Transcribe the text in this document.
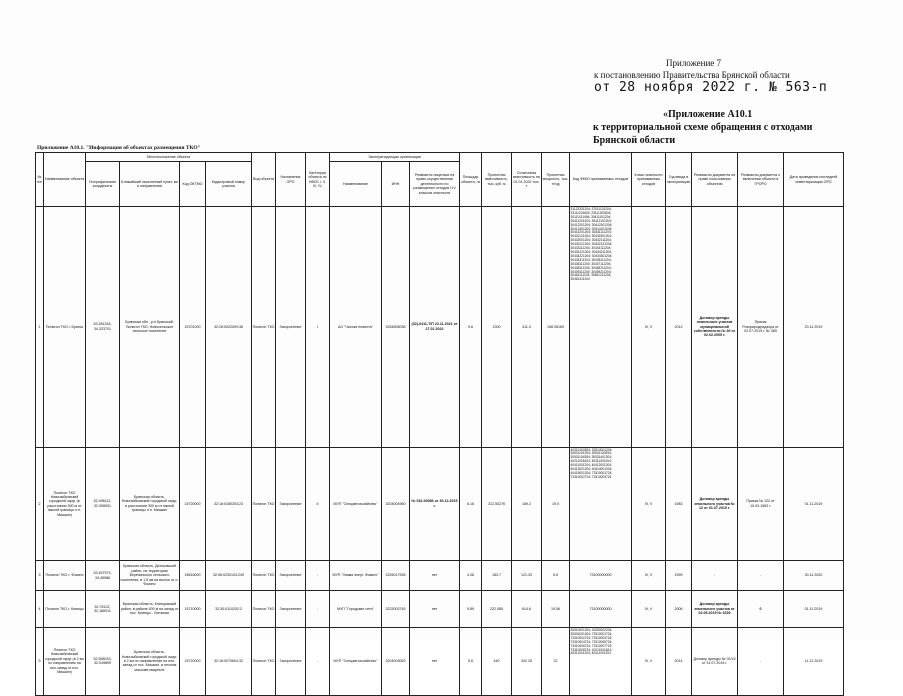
Приложение 7
к постановлению Правительства Брянской области
от 28 ноября 2022 г. № 563-п
«Приложение А10.1
к территориальной схеме обращения с отходами
Брянской области
Приложение А10.1. "Информация об объектах размещения ТКО"
№ п/п	Наименование объекта	Местоположение объекта				Вид объекта	Назначение ОРО	Категория объекта по НВОС I, II, III, IV	Эксплуатирующая организация			Площадь объекта, га	Проектная вместимость, тыс. куб. м	Остаточная вместимость на 01.01.2022 тыс. т	Проектная мощность, тыс. т/год	Код ФККО принимаемых отходов	Класс опасности принимаемых отходов	Год ввода в эксплуатацию	Реквизиты документа на право пользования объектом	Реквизиты документа о включении объекта в ГРОРО	Дата проведения последней инвентаризации ОРО
		Географические координаты	Ближайший населенный пункт, км в направлении	Код ОКТМО	Кадастровый номер участка				Наименование	ИНН	Реквизиты лицензии на право осуществления деятельности по размещению отходов I-IV классов опасности										
1	Полигон ТКО г. Брянск	53.281316, 34.323701	Брянская обл., р-н Брянский, Полигон ТКО, Новосельское сельское поселение	15701000	32:28:0022009:36	Полигон ТКО	Захоронение	I	АО "Чистая планета"	3254505036	(32)-0411-Т/П 22.11.2021 от 27.01.2022	9.6	1300	411.3	158.35169	31122331204; 37011101204; 23111201604; 23111202604; 30111011494; 30411101204; 30411201204; 30412101204; 30412201204; 30412301204; 30412401204; 30414101204; 30414201204; 30431111204; 30431121204; 30431501204; 30432001204; 30432111204; 30432121204; 30432131204; 30433111204; 30434111204; 30434121204; 30434211204; 30434221204; 30434301204; 30434311204; 30435111204; 30436111204; 30437111204; 30438111204; 30438211204; 30439111204; 30439211204; 30461111204; 30461211204; 30461311204	IV, V	2012	Договор аренды земельного участка муниципальной собственности № 30 от 02.02.2005 г.	Приказ Росприроднадзора от 02.07.2019 г. № 365	20.11.2019
2	Полигон ТКО Новозыбковский городской округ (в расстоянии 300 м от южной границы п.н. Мишкин)	52.496112, 32.008051	Брянская область, Новозыбковский городской округ, в расстоянии 300 м от южной границы н.п. Мишкин	15720000	32:18:0180303:23	Полигон ТКО	Захоронение	II	МУП "Спецавтохозяйство"	3204004960	№ 032-00086 от 30.12.2015 г.	6.16	312.50276	169.2	19.0	40310100524; 39314001204; 30531101294; 30531103294; 30531104394; 30531401204; 40211001624; 40311001204; 40411001204; 40412001204; 40413001204; 40414001204; 40415001204; 73310001724; 73310002724; 73310003724	IV, V	1983	Договор аренды земельного участка № 12 от 01.07.2019 г.	Приказ № 122 от 10.03.1983 г.	01.11.2019
3	Полигон ТКО г. Фокино	53.457973, 34.45986	Брянская область, Дятьковский район, на территории Березинского сельского поселения, в 1,5 км на восток от п. Фокино	15616000	32:06:0230104:249	Полигон ТКО	Захоронение	-	МУП "Знамя энерг. Фокино"	3245017926	нет	4.06	183.7	121.33	5.5	73100000000	IV, V	1999	-	-	30.11.2020
4	Полигон ТКО г. Клинцы	52.76122, 32.166911	Брянская область, Клинцовский район, в районе 400 м на запад от пос. Клинцы - Унечская	15710000	32:30:0110202:2	Полигон ТКО	Захоронение	-	МУП "Городские сети"	3223003745	нет	9.89	222.085	614.6	19.56	73100000000	IV, V	2006	Договор аренды земельного участка от 02.09.2019 № 3239	0	01.11.2019
5	Полигон ТКО Новозыбковский городской округ (в 2 км по направлению на юго-запад от пос. Мишкин)	52.558033, 32.049899	Брянская область, Новозыбковский городской округ, в 2 км по направлению на юго-запад от пос. Мишкин, в лесном массиве квартале	15720000	32:18:0070604:32	Полигон ТКО	Захоронение	-	МУП "Спецавтохозяйство"	3204003063	нет	5.6	440	342.25	22	30510001204; 30250002204; 30531001204; 73310001724; 73310002724; 73310003724; 73310004724; 73310005724; 73310006724; 73310007724; 73310008724; 40211001624; 40311001204; 40411001204	IV, V	2014	Договор аренды № 01/15 от 31.07.2015 г.	-	11.12.2019
